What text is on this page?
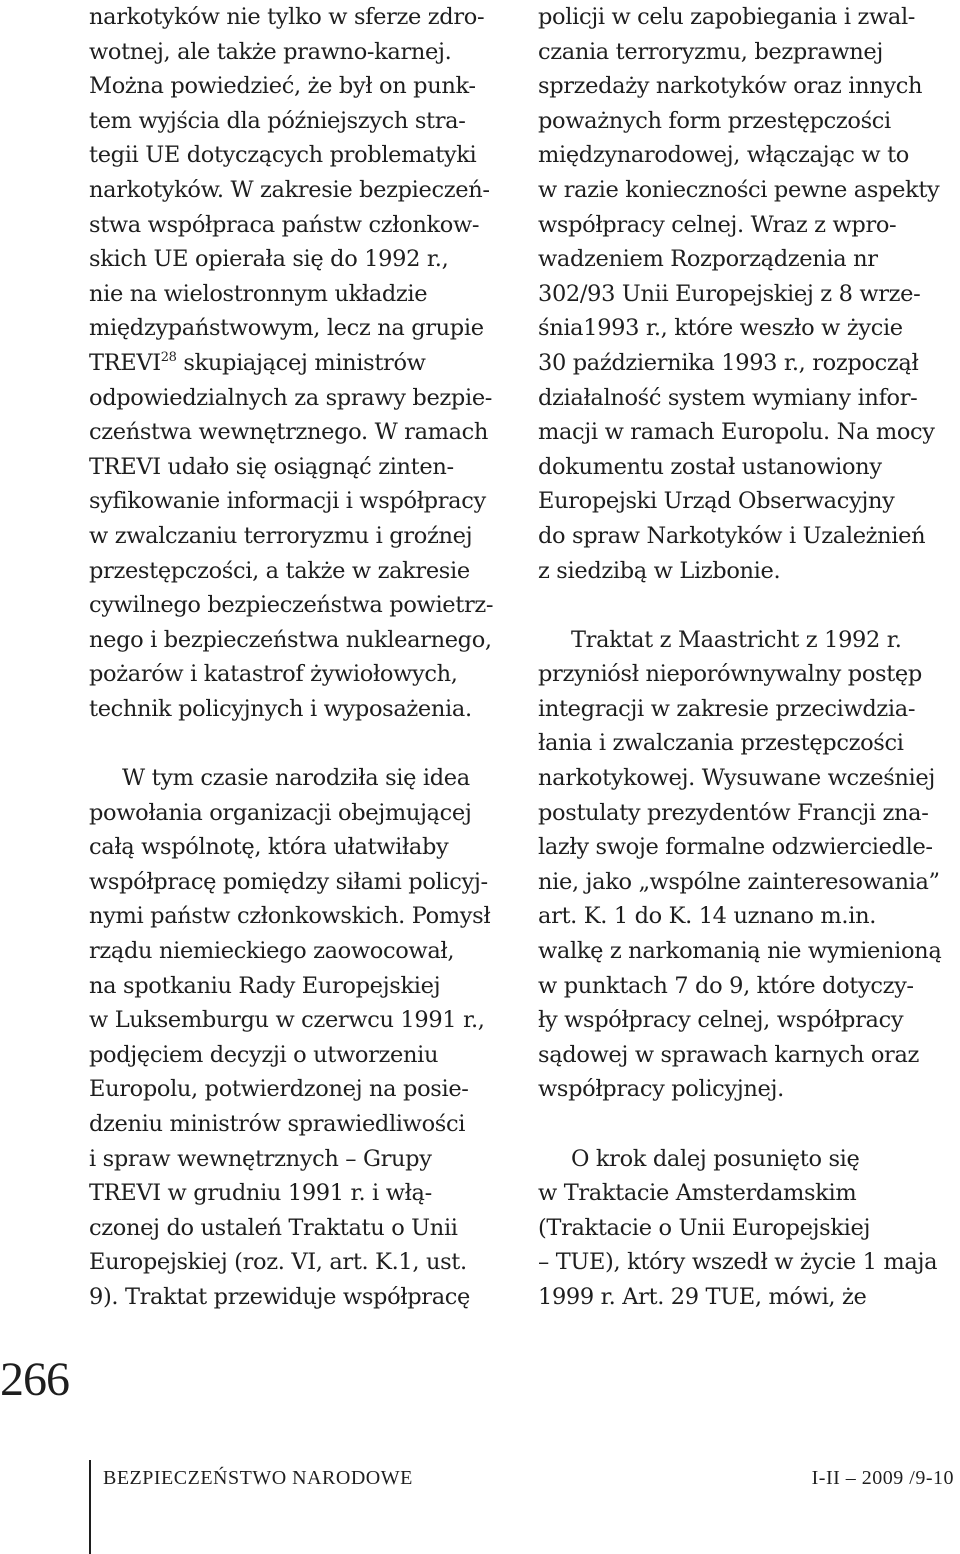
narkotyków nie tylko w sferze zdro-
wotnej, ale także prawno-karnej.
Można powiedzieć, że był on punk-
tem wyjścia dla późniejszych stra-
tegii UE dotyczących problematyki
narkotyków. W zakresie bezpieczeń-
stwa współpraca państw członkow-
skich UE opierała się do 1992 r.,
nie na wielostronnym układzie
międzypaństwowym, lecz na grupie
TREVI$^{28}$ skupiającej ministrów
odpowiedzialnych za sprawy bezpie-
czeństwa wewnętrznego. W ramach
TREVI udało się osiągnąć zinten-
syfikowanie informacji i współpracy
w zwalczaniu terroryzmu i groźnej
przestępczości, a także w zakresie
cywilnego bezpieczeństwa powietrz-
nego i bezpieczeństwa nuklearnego,
pożarów i katastrof żywiołowych,
technik policyjnych i wyposażenia.
W tym czasie narodziła się idea
powołania organizacji obejmującej
całą wspólnotę, która ułatwiłaby
współpracę pomiędzy siłami policyj-
nymi państw członkowskich. Pomysł
rządu niemieckiego zaowocował,
na spotkaniu Rady Europejskiej
w Luksemburgu w czerwcu 1991 r.,
podjęciem decyzji o utworzeniu
Europolu, potwierdzonej na posie-
dzeniu ministrów sprawiedliwości
i spraw wewnętrznych – Grupy
TREVI w grudniu 1991 r. i włą-
czonej do ustaleń Traktatu o Unii
Europejskiej (roz. VI, art. K.1, ust.
9). Traktat przewiduje współpracę
policji w celu zapobiegania i zwal-
czania terroryzmu, bezprawnej
sprzedaży narkotyków oraz innych
poważnych form przestępczości
międzynarodowej, włączając w to
w razie konieczności pewne aspekty
współpracy celnej. Wraz z wpro-
wadzeniem Rozporządzenia nr
302/93 Unii Europejskiej z 8 wrze-
śnia1993 r., które weszło w życie
30 października 1993 r., rozpoczął
działalność system wymiany infor-
macji w ramach Europolu. Na mocy
dokumentu został ustanowiony
Europejski Urząd Obserwacyjny
do spraw Narkotyków i Uzależnień
z siedzibą w Lizbonie.
Traktat z Maastricht z 1992 r.
przyniósł nieporównywalny postęp
integracji w zakresie przeciwdzia-
łania i zwalczania przestępczości
narkotykowej. Wysuwane wcześniej
postulaty prezydentów Francji zna-
lazły swoje formalne odzwierciedle-
nie, jako „wspólne zainteresowania”
art. K. 1 do K. 14 uznano m.in.
walkę z narkomanią nie wymienioną
w punktach 7 do 9, które dotyczy-
ły współpracy celnej, współpracy
sądowej w sprawach karnych oraz
współpracy policyjnej.
O krok dalej posunięto się
w Traktacie Amsterdamskim
(Traktacie o Unii Europejskiej
– TUE), który wszedł w życie 1 maja
1999 r. Art. 29 TUE, mówi, że
266
BEZPIECZEŃSTWO NARODOWE	I-II – 2009 /9-10
